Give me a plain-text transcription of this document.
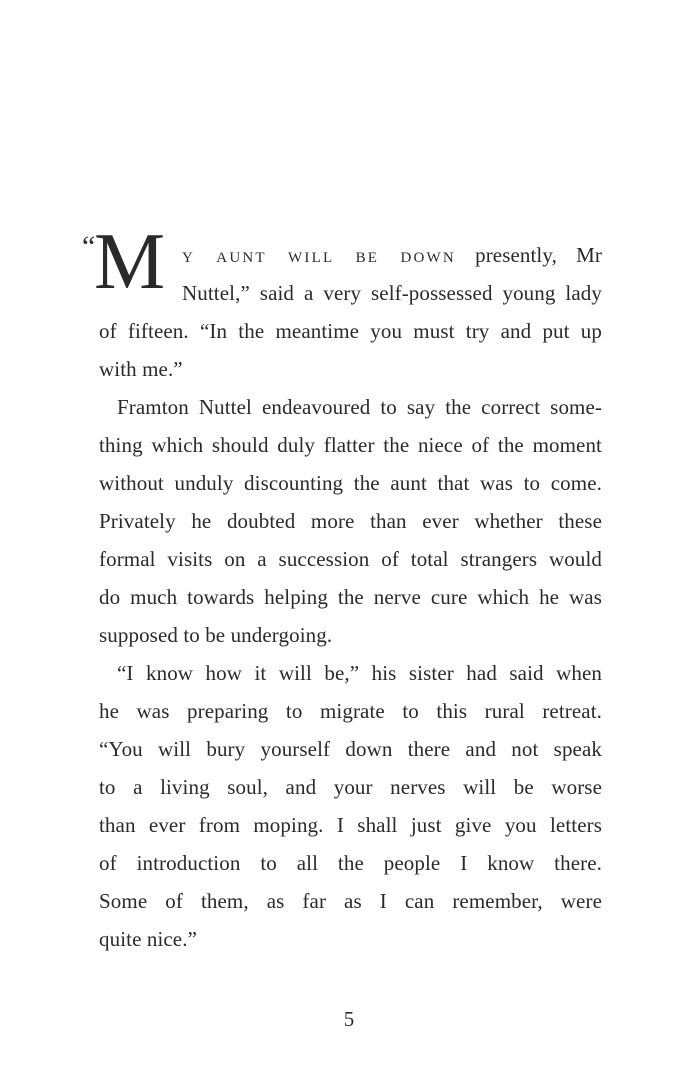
“
M y aunt will be down presently, Mr
Nuttel,” said a very self-possessed young lady
of fifteen. “In the meantime you must try and put up
with me.”
Framton Nuttel endeavoured to say the correct some-
thing which should duly flatter the niece of the moment
without unduly discounting the aunt that was to come.
Privately he doubted more than ever whether these
formal visits on a succession of total strangers would
do much towards helping the nerve cure which he was
supposed to be undergoing.
“I know how it will be,” his sister had said when
he was preparing to migrate to this rural retreat.
“You will bury yourself down there and not speak
to a living soul, and your nerves will be worse
than ever from moping. I shall just give you letters
of introduction to all the people I know there.
Some of them, as far as I can remember, were
quite nice.”
5
